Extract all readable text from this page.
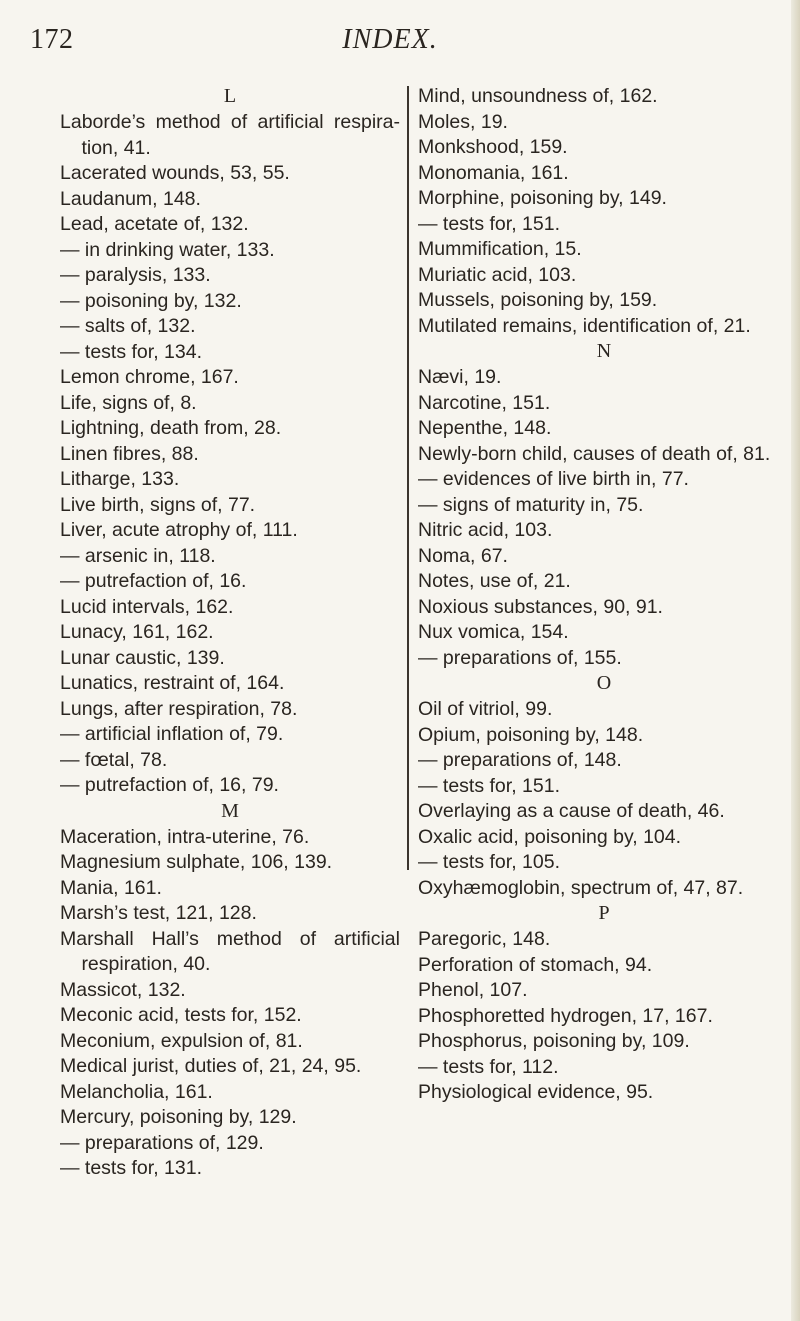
172	INDEX.
L
Laborde’s method of artificial respira-tion, 41.
Lacerated wounds, 53, 55.
Laudanum, 148.
Lead, acetate of, 132.
— in drinking water, 133.
— paralysis, 133.
— poisoning by, 132.
— salts of, 132.
— tests for, 134.
Lemon chrome, 167.
Life, signs of, 8.
Lightning, death from, 28.
Linen fibres, 88.
Litharge, 133.
Live birth, signs of, 77.
Liver, acute atrophy of, 111.
— arsenic in, 118.
— putrefaction of, 16.
Lucid intervals, 162.
Lunacy, 161, 162.
Lunar caustic, 139.
Lunatics, restraint of, 164.
Lungs, after respiration, 78.
— artificial inflation of, 79.
— fœtal, 78.
— putrefaction of, 16, 79.
M
Maceration, intra-uterine, 76.
Magnesium sulphate, 106, 139.
Mania, 161.
Marsh’s test, 121, 128.
Marshall Hall’s method of artificial respiration, 40.
Massicot, 132.
Meconic acid, tests for, 152.
Meconium, expulsion of, 81.
Medical jurist, duties of, 21, 24, 95.
Melancholia, 161.
Mercury, poisoning by, 129.
— preparations of, 129.
— tests for, 131.
Mind, unsoundness of, 162.
Moles, 19.
Monkshood, 159.
Monomania, 161.
Morphine, poisoning by, 149.
— tests for, 151.
Mummification, 15.
Muriatic acid, 103.
Mussels, poisoning by, 159.
Mutilated remains, identification of, 21.
N
Nævi, 19.
Narcotine, 151.
Nepenthe, 148.
Newly-born child, causes of death of, 81.
— evidences of live birth in, 77.
— signs of maturity in, 75.
Nitric acid, 103.
Noma, 67.
Notes, use of, 21.
Noxious substances, 90, 91.
Nux vomica, 154.
— preparations of, 155.
O
Oil of vitriol, 99.
Opium, poisoning by, 148.
— preparations of, 148.
— tests for, 151.
Overlaying as a cause of death, 46.
Oxalic acid, poisoning by, 104.
— tests for, 105.
Oxyhæmoglobin, spectrum of, 47, 87.
P
Paregoric, 148.
Perforation of stomach, 94.
Phenol, 107.
Phosphoretted hydrogen, 17, 167.
Phosphorus, poisoning by, 109.
— tests for, 112.
Physiological evidence, 95.
